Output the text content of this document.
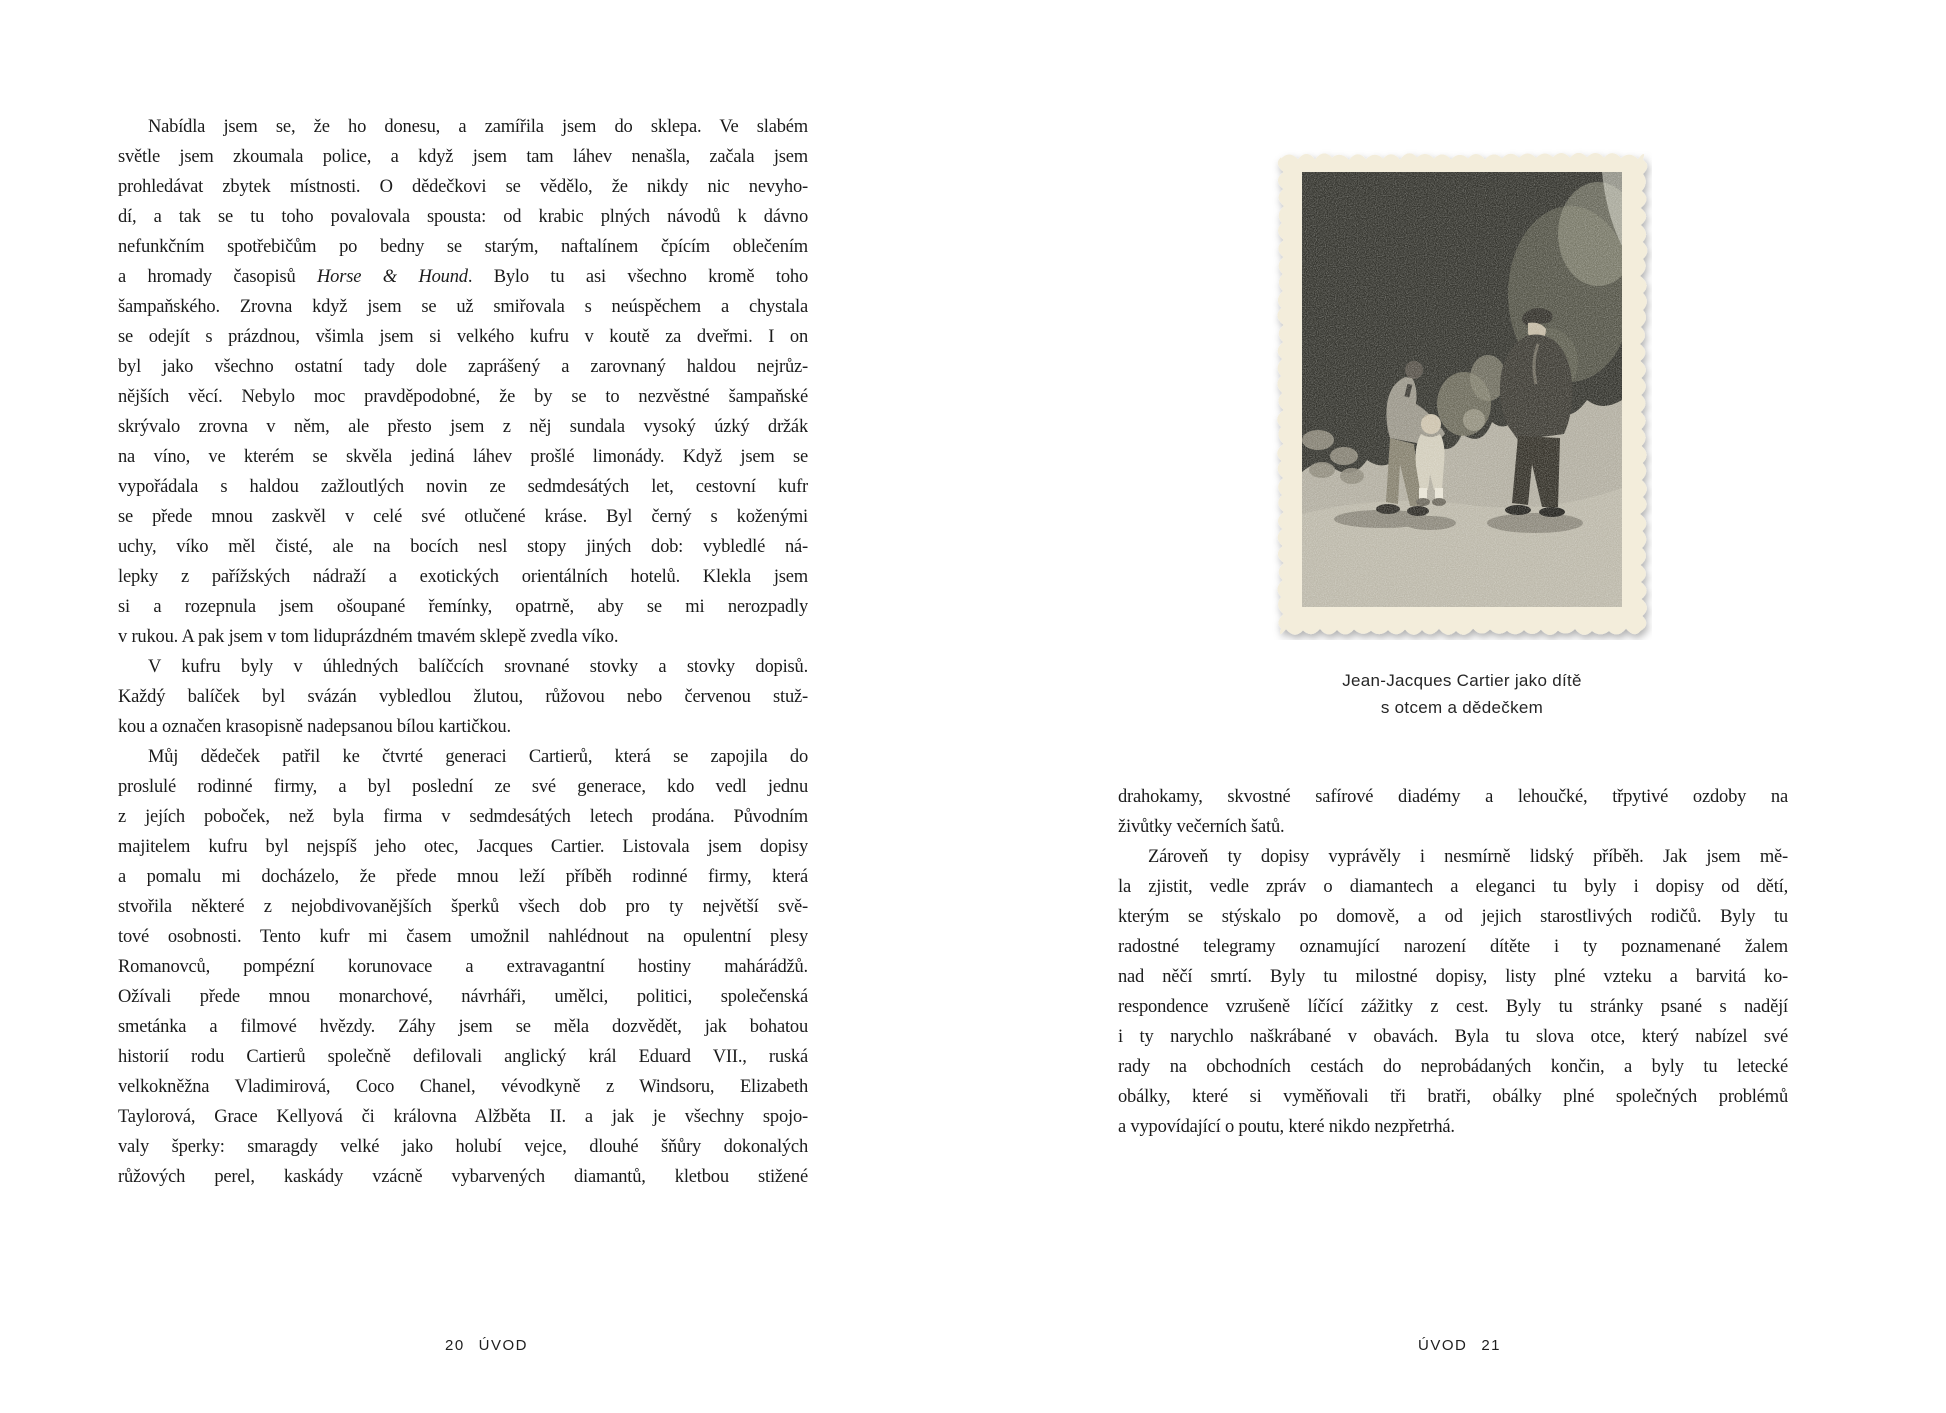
Nabídla jsem se, že ho donesu, a zamířila jsem do sklepa. Ve slabém
světle jsem zkoumala police, a když jsem tam láhev nenašla, začala jsem
prohledávat zbytek místnosti. O dědečkovi se vědělo, že nikdy nic nevyho-
dí, a tak se tu toho povalovala spousta: od krabic plných návodů k dávno
nefunkčním spotřebičům po bedny se starým, naftalínem čpícím oblečením
a hromady časopisů Horse & Hound. Bylo tu asi všechno kromě toho
šampaňského. Zrovna když jsem se už smiřovala s neúspěchem a chystala
se odejít s prázdnou, všimla jsem si velkého kufru v koutě za dveřmi. I on
byl jako všechno ostatní tady dole zaprášený a zarovnaný haldou nejrůz-
nějších věcí. Nebylo moc pravděpodobné, že by se to nezvěstné šampaňské
skrývalo zrovna v něm, ale přesto jsem z něj sundala vysoký úzký držák
na víno, ve kterém se skvěla jediná láhev prošlé limonády. Když jsem se
vypořádala s haldou zažloutlých novin ze sedmdesátých let, cestovní kufr
se přede mnou zaskvěl v celé své otlučené kráse. Byl černý s koženými
uchy, víko měl čisté, ale na bocích nesl stopy jiných dob: vybledlé ná-
lepky z pařížských nádraží a exotických orientálních hotelů. Klekla jsem
si a rozepnula jsem ošoupané řemínky, opatrně, aby se mi nerozpadly
v rukou. A pak jsem v tom liduprázdném tmavém sklepě zvedla víko.
V kufru byly v úhledných balíčcích srovnané stovky a stovky dopisů.
Každý balíček byl svázán vybledlou žlutou, růžovou nebo červenou stuž-
kou a označen krasopisně nadepsanou bílou kartičkou.
Můj dědeček patřil ke čtvrté generaci Cartierů, která se zapojila do
proslulé rodinné firmy, a byl poslední ze své generace, kdo vedl jednu
z jejích poboček, než byla firma v sedmdesátých letech prodána. Původním
majitelem kufru byl nejspíš jeho otec, Jacques Cartier. Listovala jsem dopisy
a pomalu mi docházelo, že přede mnou leží příběh rodinné firmy, která
stvořila některé z nejobdivovanějších šperků všech dob pro ty největší svě-
tové osobnosti. Tento kufr mi časem umožnil nahlédnout na opulentní plesy
Romanovců, pompézní korunovace a extravagantní hostiny mahárádžů.
Ožívali přede mnou monarchové, návrháři, umělci, politici, společenská
smetánka a filmové hvězdy. Záhy jsem se měla dozvědět, jak bohatou
historií rodu Cartierů společně defilovali anglický král Eduard VII., ruská
velkokněžna Vladimirová, Coco Chanel, vévodkyně z Windsoru, Elizabeth
Taylorová, Grace Kellyová či královna Alžběta II. a jak je všechny spojo-
valy šperky: smaragdy velké jako holubí vejce, dlouhé šňůry dokonalých
růžových perel, kaskády vzácně vybarvených diamantů, kletbou stižené
20 ÚVOD
Jean-Jacques Cartier jako dítě
s otcem a dědečkem
drahokamy, skvostné safírové diadémy a lehoučké, třpytivé ozdoby na
živůtky večerních šatů.
Zároveň ty dopisy vyprávěly i nesmírně lidský příběh. Jak jsem mě-
la zjistit, vedle zpráv o diamantech a eleganci tu byly i dopisy od dětí,
kterým se stýskalo po domově, a od jejich starostlivých rodičů. Byly tu
radostné telegramy oznamující narození dítěte i ty poznamenané žalem
nad něčí smrtí. Byly tu milostné dopisy, listy plné vzteku a barvitá ko-
respondence vzrušeně líčící zážitky z cest. Byly tu stránky psané s nadějí
i ty narychlo naškrábané v obavách. Byla tu slova otce, který nabízel své
rady na obchodních cestách do neprobádaných končin, a byly tu letecké
obálky, které si vyměňovali tři bratři, obálky plné společných problémů
a vypovídající o poutu, které nikdo nezpřetrhá.
ÚVOD 21
